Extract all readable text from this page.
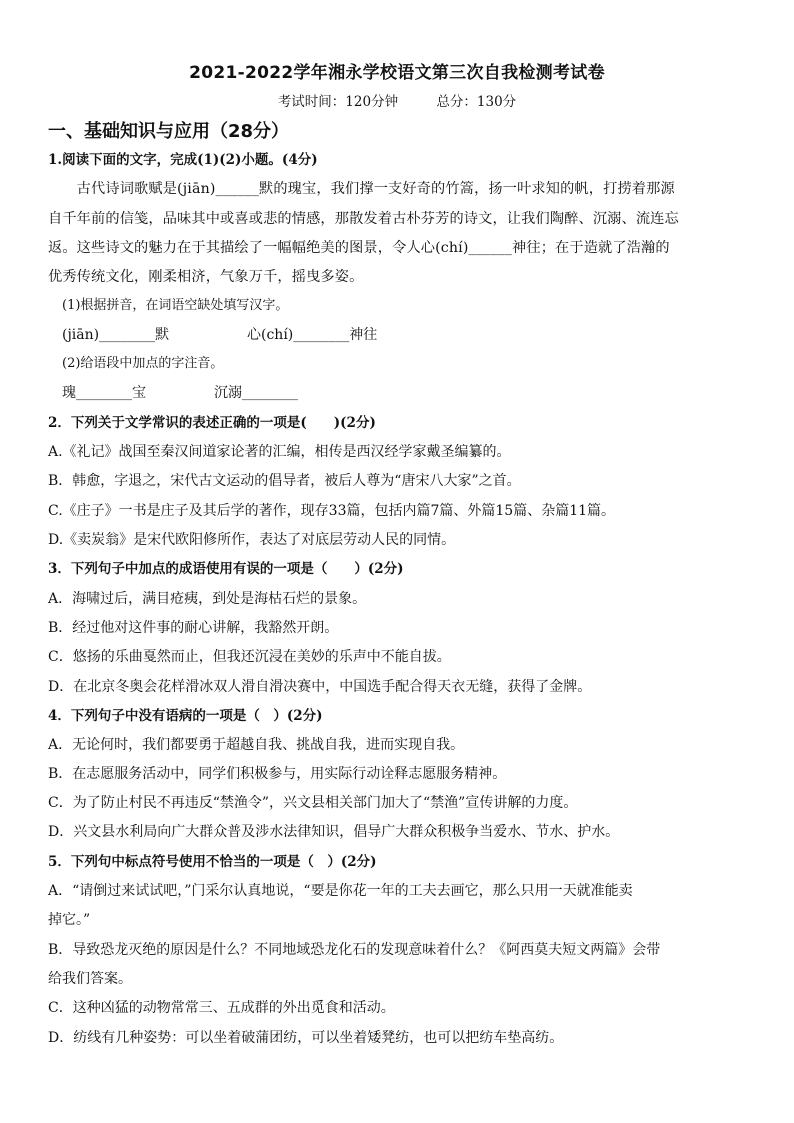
2021-2022学年湘永学校语文第三次自我检测考试卷
考试时间：120分钟	总分：130分
一、基础知识与应用（28分）
1.阅读下面的文字，完成(1)(2)小题。(4分)
　　古代诗词歌赋是(jiān)______默的瑰宝，我们撑一支好奇的竹篙，扬一叶求知的帆，打捞着那源
自千年前的信笺，品味其中或喜或悲的情感，那散发着古朴芬芳的诗文，让我们陶醉、沉溺、流连忘
返。这些诗文的魅力在于其描绘了一幅幅绝美的图景，令人心(chí)______神往；在于造就了浩瀚的
优秀传统文化，刚柔相济，气象万千，摇曳多姿。
(1)根据拼音，在词语空缺处填写汉字。
(jiān)________默	心(chí)________神往
(2)给语段中加点的字注音。
瑰________宝	沉溺________
2．下列关于文学常识的表述正确的一项是(　　)(2分)
A.《礼记》战国至秦汉间道家论著的汇编，相传是西汉经学家戴圣编纂的。
B．韩愈，字退之，宋代古文运动的倡导者，被后人尊为“唐宋八大家”之首。
C.《庄子》一书是庄子及其后学的著作，现存33篇，包括内篇7篇、外篇15篇、杂篇11篇。
D.《卖炭翁》是宋代欧阳修所作，表达了对底层劳动人民的同情。
3．下列句子中加点的成语使用有误的一项是（　　）(2分)
A．海啸过后，满目疮痍，到处是海枯石烂的景象。
B．经过他对这件事的耐心讲解，我豁然开朗。
C．悠扬的乐曲戛然而止，但我还沉浸在美妙的乐声中不能自拔。
D．在北京冬奥会花样滑冰双人滑自滑决赛中，中国选手配合得天衣无缝，获得了金牌。
4．下列句子中没有语病的一项是（　）(2分)
A．无论何时，我们都要勇于超越自我、挑战自我，进而实现自我。
B．在志愿服务活动中，同学们积极参与，用实际行动诠释志愿服务精神。
C．为了防止村民不再违反“禁渔令”，兴文县相关部门加大了“禁渔”宣传讲解的力度。
D．兴文县水利局向广大群众普及涉水法律知识，倡导广大群众积极争当爱水、节水、护水。
5．下列句中标点符号使用不恰当的一项是（　）(2分)
A．“请倒过来试试吧，”门采尔认真地说，“要是你花一年的工夫去画它，那么只用一天就准能卖
掉它。”
B．导致恐龙灭绝的原因是什么？不同地域恐龙化石的发现意味着什么？《阿西莫夫短文两篇》会带
给我们答案。
C．这种凶猛的动物常常三、五成群的外出觅食和活动。
D．纺线有几种姿势：可以坐着破蒲团纺，可以坐着矮凳纺，也可以把纺车垫高纺。
